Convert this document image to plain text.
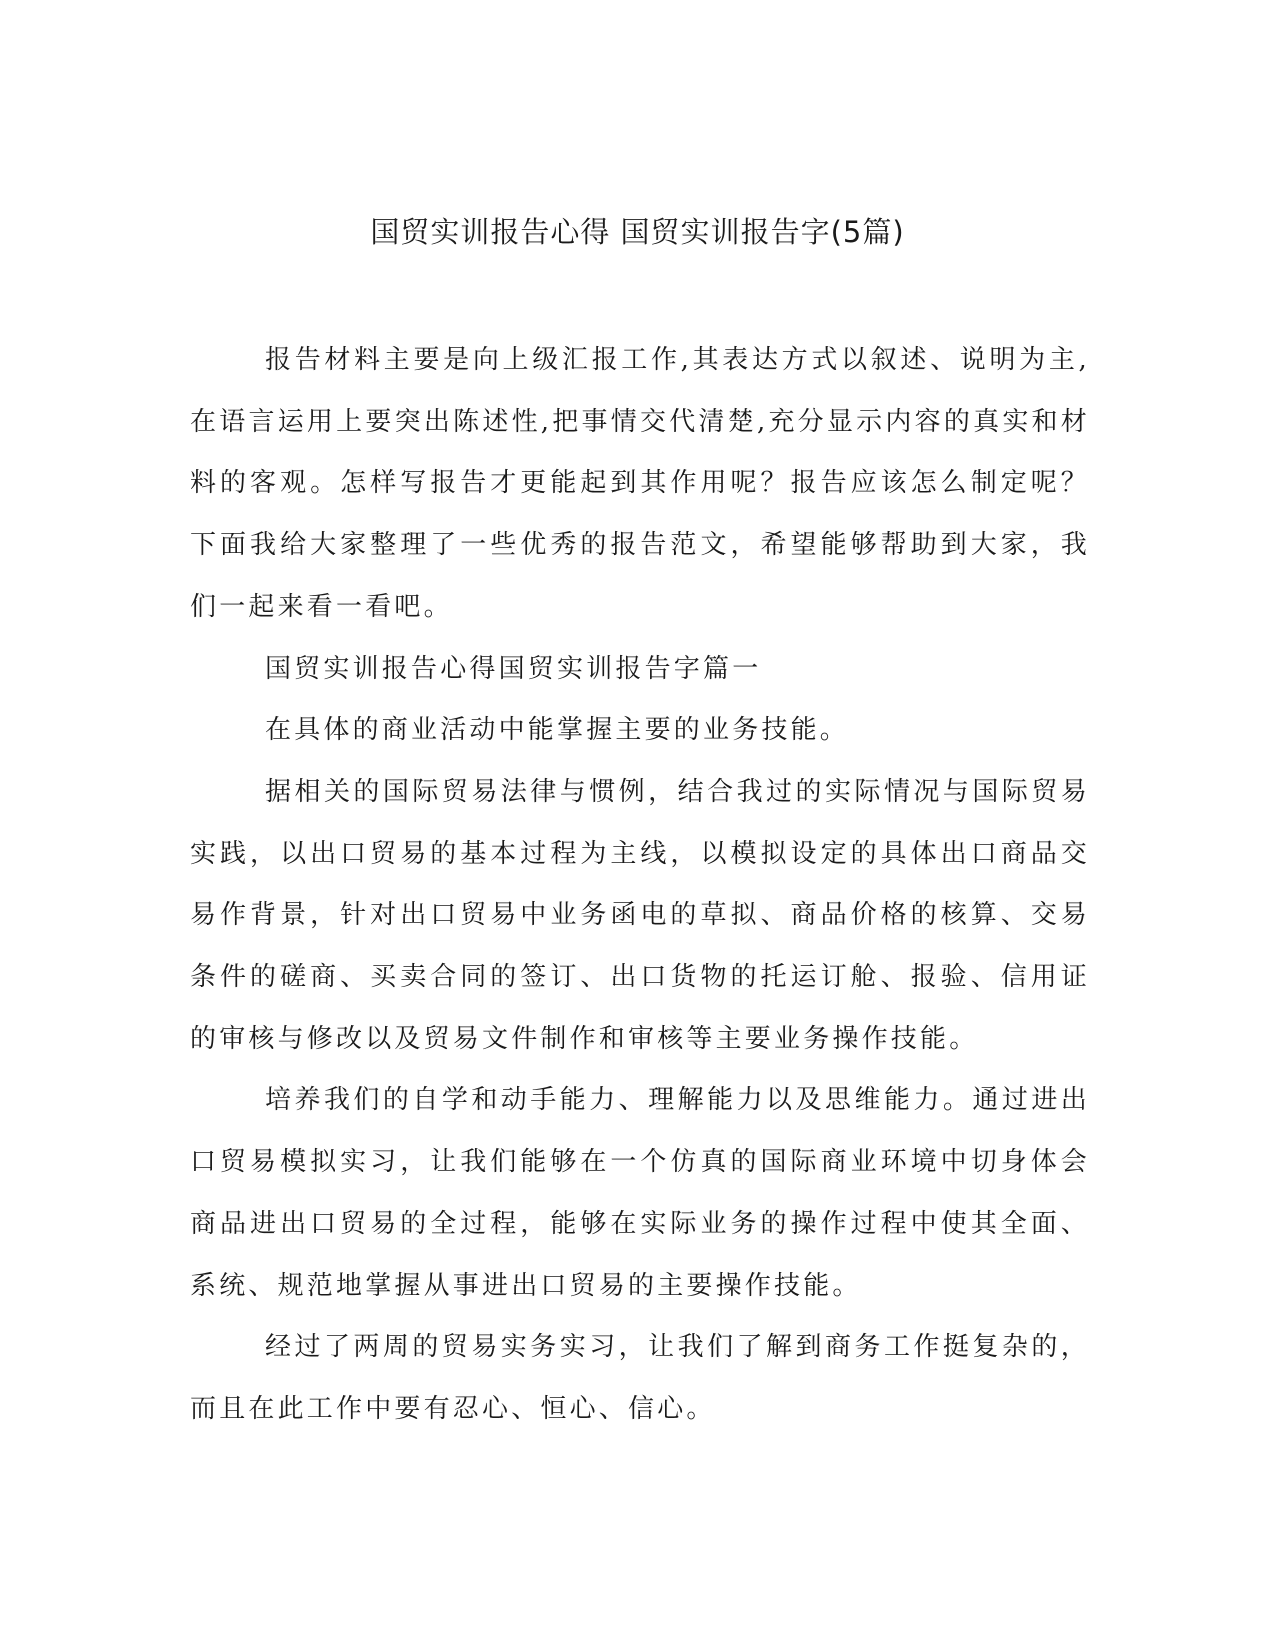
国贸实训报告心得 国贸实训报告字(5篇)

报告材料主要是向上级汇报工作,其表达方式以叙述、说明为主,在语言运用上要突出陈述性,把事情交代清楚,充分显示内容的真实和材料的客观。怎样写报告才更能起到其作用呢？报告应该怎么制定呢？下面我给大家整理了一些优秀的报告范文，希望能够帮助到大家，我们一起来看一看吧。

国贸实训报告心得国贸实训报告字篇一

在具体的商业活动中能掌握主要的业务技能。

据相关的国际贸易法律与惯例，结合我过的实际情况与国际贸易实践，以出口贸易的基本过程为主线，以模拟设定的具体出口商品交易作背景，针对出口贸易中业务函电的草拟、商品价格的核算、交易条件的磋商、买卖合同的签订、出口货物的托运订舱、报验、信用证的审核与修改以及贸易文件制作和审核等主要业务操作技能。

培养我们的自学和动手能力、理解能力以及思维能力。通过进出口贸易模拟实习，让我们能够在一个仿真的国际商业环境中切身体会商品进出口贸易的全过程，能够在实际业务的操作过程中使其全面、系统、规范地掌握从事进出口贸易的主要操作技能。

经过了两周的贸易实务实习，让我们了解到商务工作挺复杂的，而且在此工作中要有忍心、恒心、信心。
